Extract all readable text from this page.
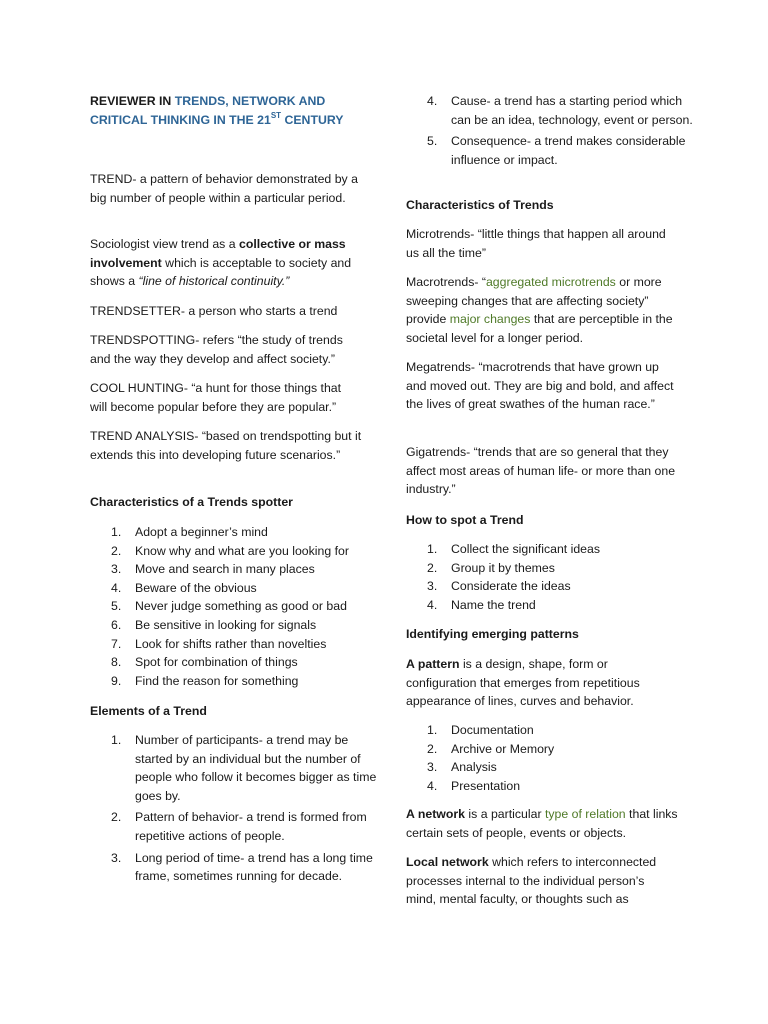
REVIEWER IN TRENDS, NETWORK AND
CRITICAL THINKING IN THE 21ST CENTURY

TREND- a pattern of behavior demonstrated by a big number of people within a particular period.

Sociologist view trend as a collective or mass involvement which is acceptable to society and shows a “line of historical continuity.”

TRENDSETTER- a person who starts a trend

TRENDSPOTTING- refers “the study of trends and the way they develop and affect society.”

COOL HUNTING- “a hunt for those things that will become popular before they are popular.”

TREND ANALYSIS- “based on trendspotting but it extends this into developing future scenarios.”

Characteristics of a Trends spotter

1. Adopt a beginner’s mind
2. Know why and what are you looking for
3. Move and search in many places
4. Beware of the obvious
5. Never judge something as good or bad
6. Be sensitive in looking for signals
7. Look for shifts rather than novelties
8. Spot for combination of things
9. Find the reason for something

Elements of a Trend

1. Number of participants- a trend may be started by an individual but the number of people who follow it becomes bigger as time goes by.
2. Pattern of behavior- a trend is formed from repetitive actions of people.
3. Long period of time- a trend has a long time frame, sometimes running for decade.
4. Cause- a trend has a starting period which can be an idea, technology, event or person.
5. Consequence- a trend makes considerable influence or impact.

Characteristics of Trends

Microtrends- “little things that happen all around us all the time”

Macrotrends- “aggregated microtrends or more sweeping changes that are affecting society” provide major changes that are perceptible in the societal level for a longer period.

Megatrends- “macrotrends that have grown up and moved out. They are big and bold, and affect the lives of great swathes of the human race.”

Gigatrends- “trends that are so general that they affect most areas of human life- or more than one industry.”

How to spot a Trend

1. Collect the significant ideas
2. Group it by themes
3. Considerate the ideas
4. Name the trend

Identifying emerging patterns

A pattern is a design, shape, form or configuration that emerges from repetitious appearance of lines, curves and behavior.

1. Documentation
2. Archive or Memory
3. Analysis
4. Presentation

A network is a particular type of relation that links certain sets of people, events or objects.

Local network which refers to interconnected processes internal to the individual person’s mind, mental faculty, or thoughts such as
